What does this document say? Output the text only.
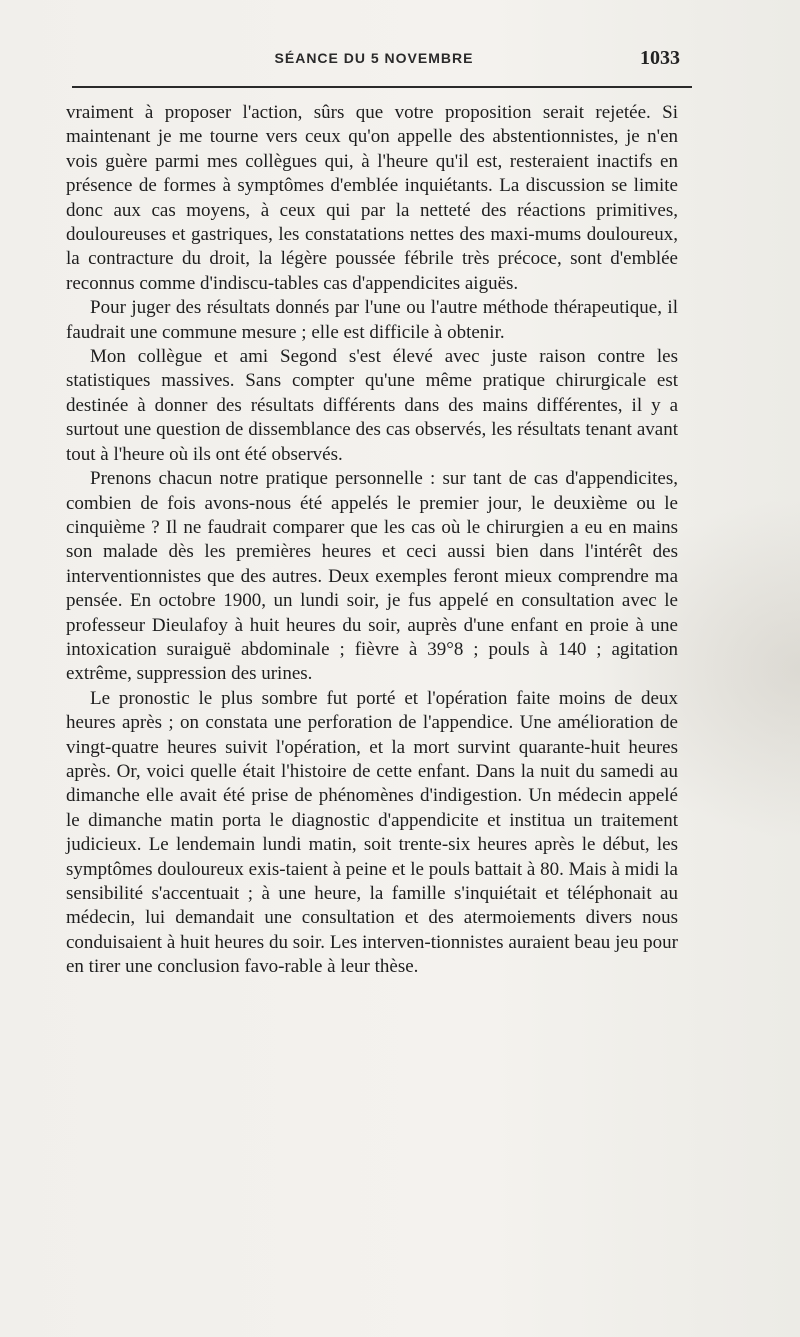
SÉANCE DU 5 NOVEMBRE	1033

vraiment à proposer l'action, sûrs que votre proposition serait rejetée. Si maintenant je me tourne vers ceux qu'on appelle des abstentionnistes, je n'en vois guère parmi mes collègues qui, à l'heure qu'il est, resteraient inactifs en présence de formes à symptômes d'emblée inquiétants. La discussion se limite donc aux cas moyens, à ceux qui par la netteté des réactions primitives, douloureuses et gastriques, les constatations nettes des maxi-mums douloureux, la contracture du droit, la légère poussée fébrile très précoce, sont d'emblée reconnus comme d'indiscu-tables cas d'appendicites aiguës.

Pour juger des résultats donnés par l'une ou l'autre méthode thérapeutique, il faudrait une commune mesure ; elle est difficile à obtenir.

Mon collègue et ami Segond s'est élevé avec juste raison contre les statistiques massives. Sans compter qu'une même pratique chirurgicale est destinée à donner des résultats différents dans des mains différentes, il y a surtout une question de dissemblance des cas observés, les résultats tenant avant tout à l'heure où ils ont été observés.

Prenons chacun notre pratique personnelle : sur tant de cas d'appendicites, combien de fois avons-nous été appelés le premier jour, le deuxième ou le cinquième ? Il ne faudrait comparer que les cas où le chirurgien a eu en mains son malade dès les premières heures et ceci aussi bien dans l'intérêt des interventionnistes que des autres. Deux exemples feront mieux comprendre ma pensée. En octobre 1900, un lundi soir, je fus appelé en consultation avec le professeur Dieulafoy à huit heures du soir, auprès d'une enfant en proie à une intoxication suraiguë abdominale ; fièvre à 39°8 ; pouls à 140 ; agitation extrême, suppression des urines.

Le pronostic le plus sombre fut porté et l'opération faite moins de deux heures après ; on constata une perforation de l'appendice. Une amélioration de vingt-quatre heures suivit l'opération, et la mort survint quarante-huit heures après. Or, voici quelle était l'histoire de cette enfant. Dans la nuit du samedi au dimanche elle avait été prise de phénomènes d'indigestion. Un médecin appelé le dimanche matin porta le diagnostic d'appendicite et institua un traitement judicieux. Le lendemain lundi matin, soit trente-six heures après le début, les symptômes douloureux exis-taient à peine et le pouls battait à 80. Mais à midi la sensibilité s'accentuait ; à une heure, la famille s'inquiétait et téléphonait au médecin, lui demandait une consultation et des atermoiements divers nous conduisaient à huit heures du soir. Les interven-tionnistes auraient beau jeu pour en tirer une conclusion favo-rable à leur thèse.
